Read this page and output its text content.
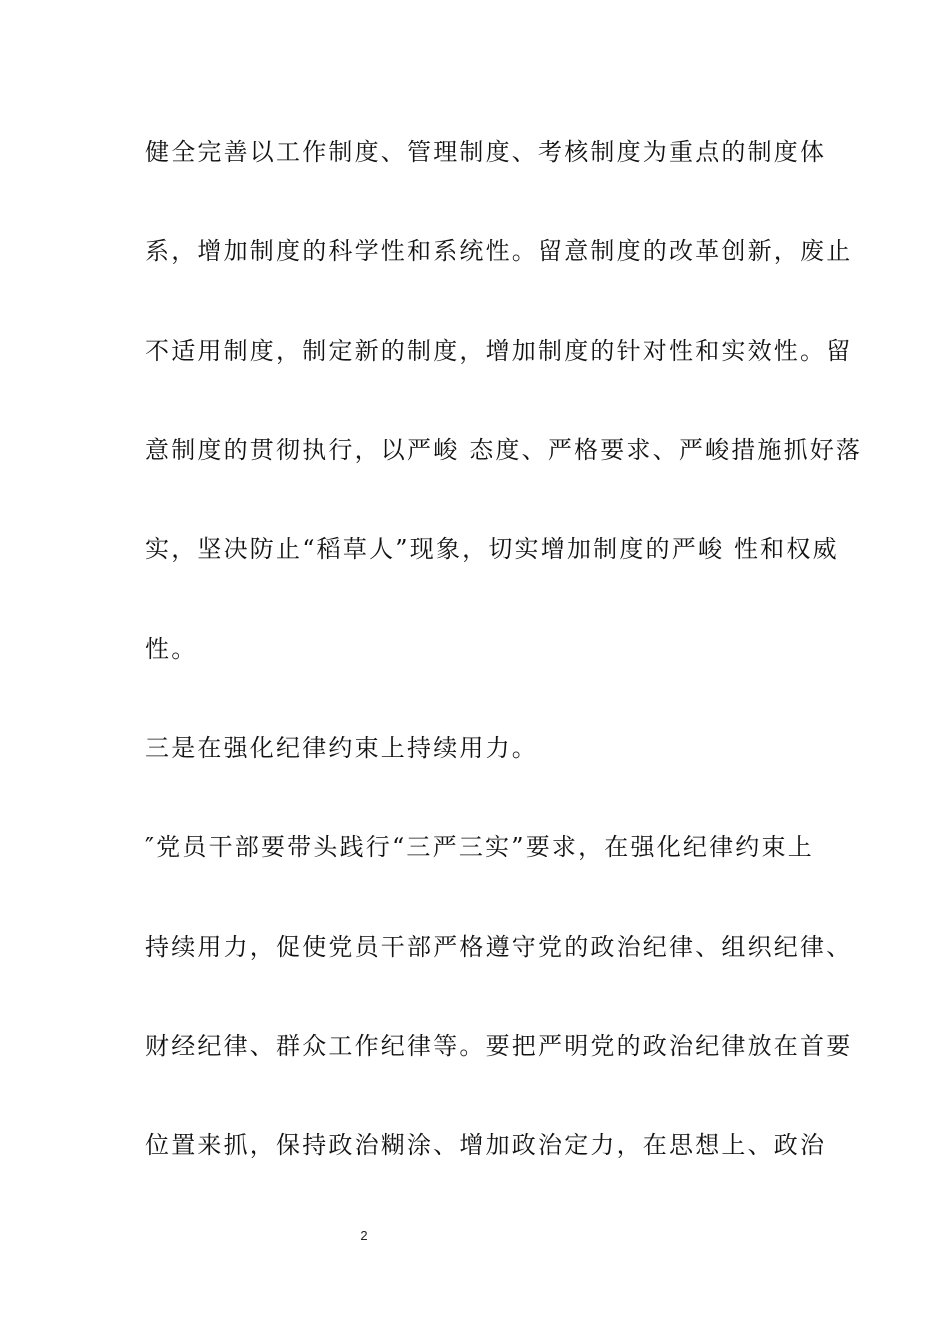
健全完善以工作制度、管理制度、考核制度为重点的制度体
系，增加制度的科学性和系统性。留意制度的改革创新，废止
不适用制度，制定新的制度，增加制度的针对性和实效性。留
意制度的贯彻执行，以严峻 态度、严格要求、严峻措施抓好落
实，坚决防止“稻草人”现象，切实增加制度的严峻 性和权威
性。
三是在强化纪律约束上持续用力。
″党员干部要带头践行“三严三实”要求，在强化纪律约束上
持续用力，促使党员干部严格遵守党的政治纪律、组织纪律、
财经纪律、群众工作纪律等。要把严明党的政治纪律放在首要
位置来抓，保持政治糊涂、增加政治定力，在思想上、政治
2
